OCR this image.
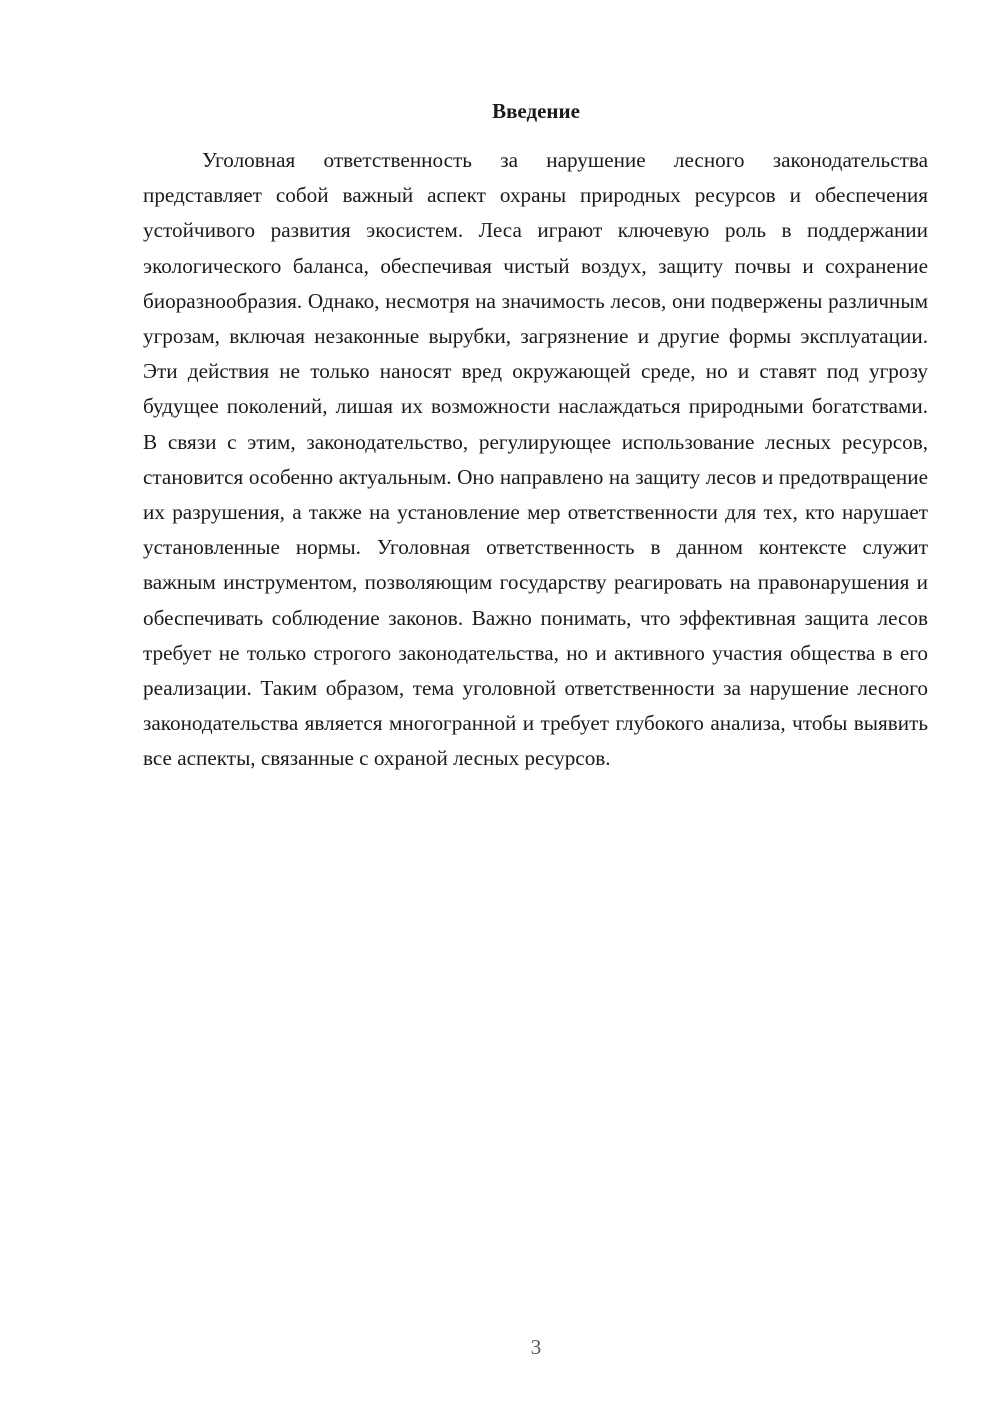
Введение

Уголовная ответственность за нарушение лесного законодательства представляет собой важный аспект охраны природных ресурсов и обеспечения устойчивого развития экосистем. Леса играют ключевую роль в поддержании экологического баланса, обеспечивая чистый воздух, защиту почвы и сохранение биоразнообразия. Однако, несмотря на значимость лесов, они подвержены различным угрозам, включая незаконные вырубки, загрязнение и другие формы эксплуатации. Эти действия не только наносят вред окружающей среде, но и ставят под угрозу будущее поколений, лишая их возможности наслаждаться природными богатствами. В связи с этим, законодательство, регулирующее использование лесных ресурсов, становится особенно актуальным. Оно направлено на защиту лесов и предотвращение их разрушения, а также на установление мер ответственности для тех, кто нарушает установленные нормы. Уголовная ответственность в данном контексте служит важным инструментом, позволяющим государству реагировать на правонарушения и обеспечивать соблюдение законов. Важно понимать, что эффективная защита лесов требует не только строгого законодательства, но и активного участия общества в его реализации. Таким образом, тема уголовной ответственности за нарушение лесного законодательства является многогранной и требует глубокого анализа, чтобы выявить все аспекты, связанные с охраной лесных ресурсов.

3
